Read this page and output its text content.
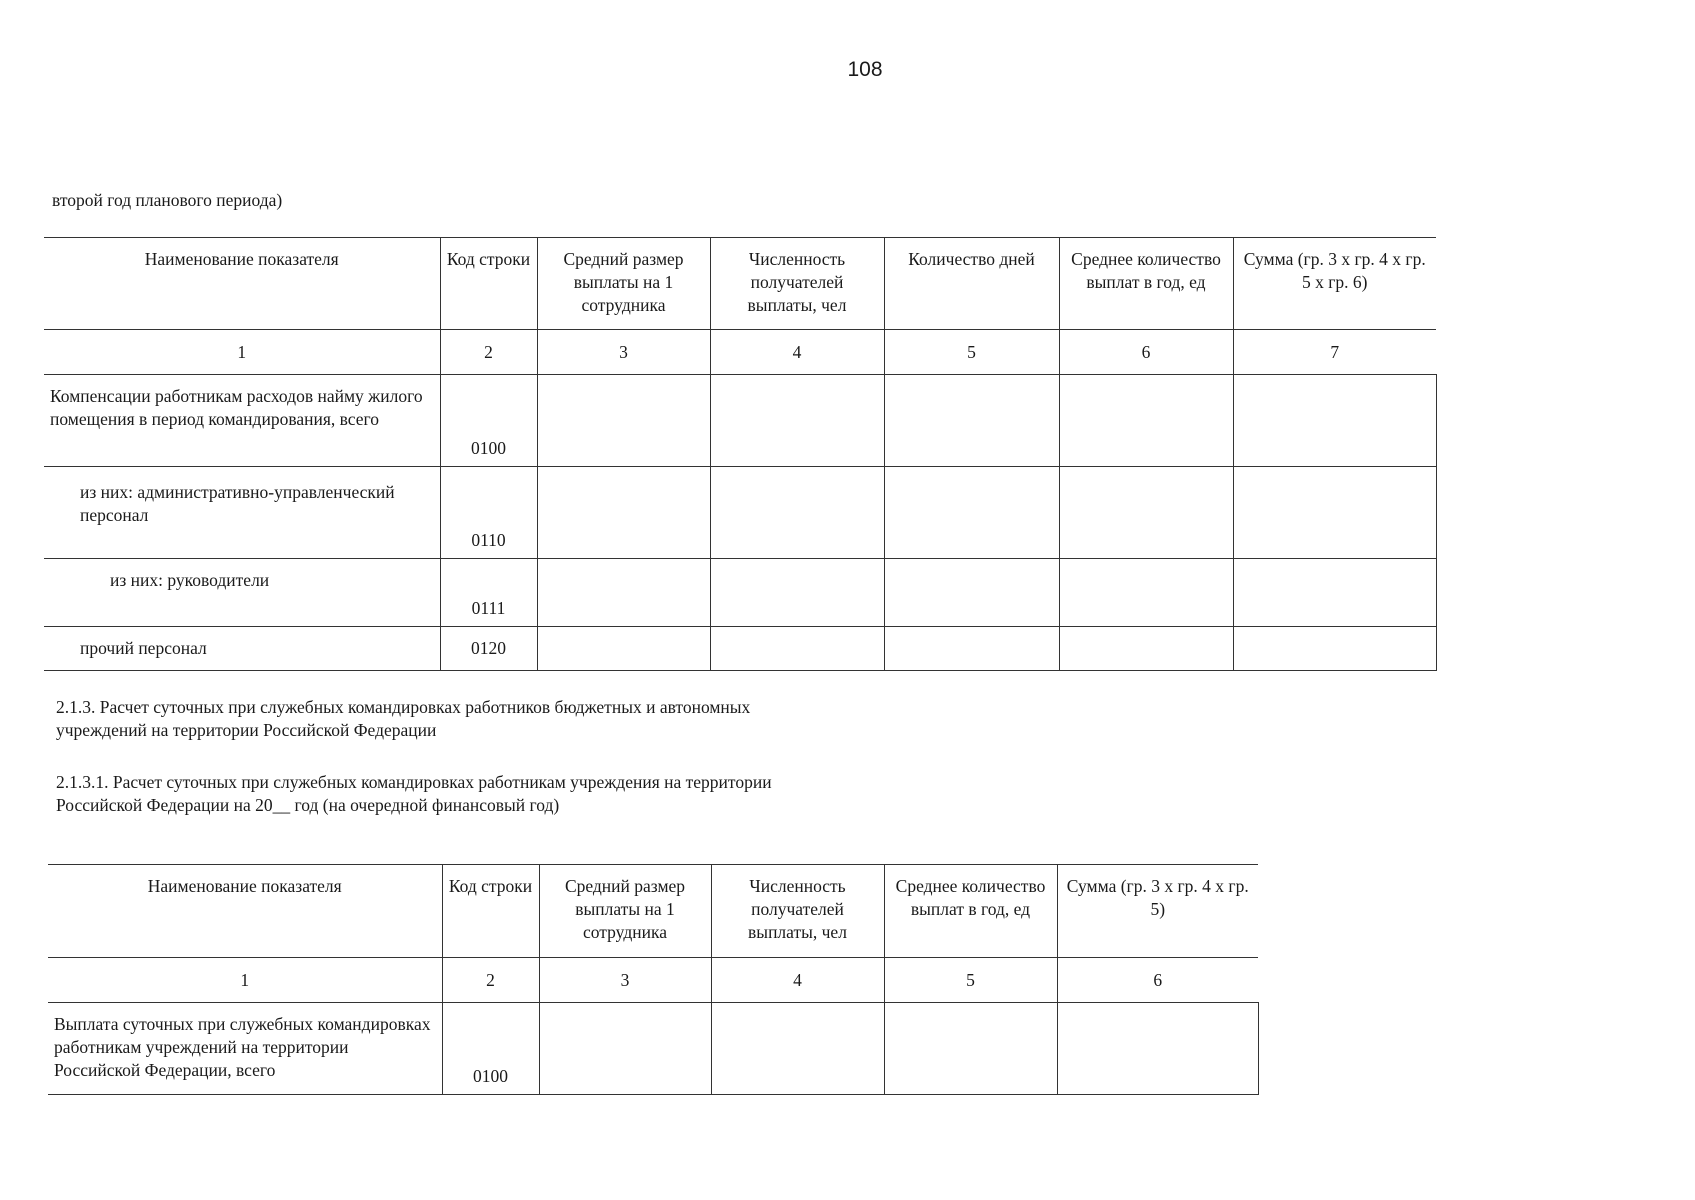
108
второй год планового периода)
Наименование показателя	Код строки	Средний размер выплаты на 1 сотрудника	Численность получателей выплаты, чел	Количество дней	Среднее количество выплат в год, ед	Сумма (гр. 3 х гр. 4 х гр. 5 х гр. 6)
1	2	3	4	5	6	7
Компенсации работникам расходов найму жилого помещения в период командирования, всего	0100					
из них: административно-управленческий персонал	0110					
из них: руководители	0111					
прочий персонал	0120					
2.1.3. Расчет суточных при служебных командировках работников бюджетных и автономных учреждений на территории Российской Федерации
2.1.3.1. Расчет суточных при служебных командировках работникам учреждения на территории Российской Федерации на 20__ год (на очередной финансовый год)
Наименование показателя	Код строки	Средний размер выплаты на 1 сотрудника	Численность получателей выплаты, чел	Среднее количество выплат в год, ед	Сумма (гр. 3 х гр. 4 х гр. 5)
1	2	3	4	5	6
Выплата суточных при служебных командировках работникам учреждений на территории Российской Федерации, всего	0100				
